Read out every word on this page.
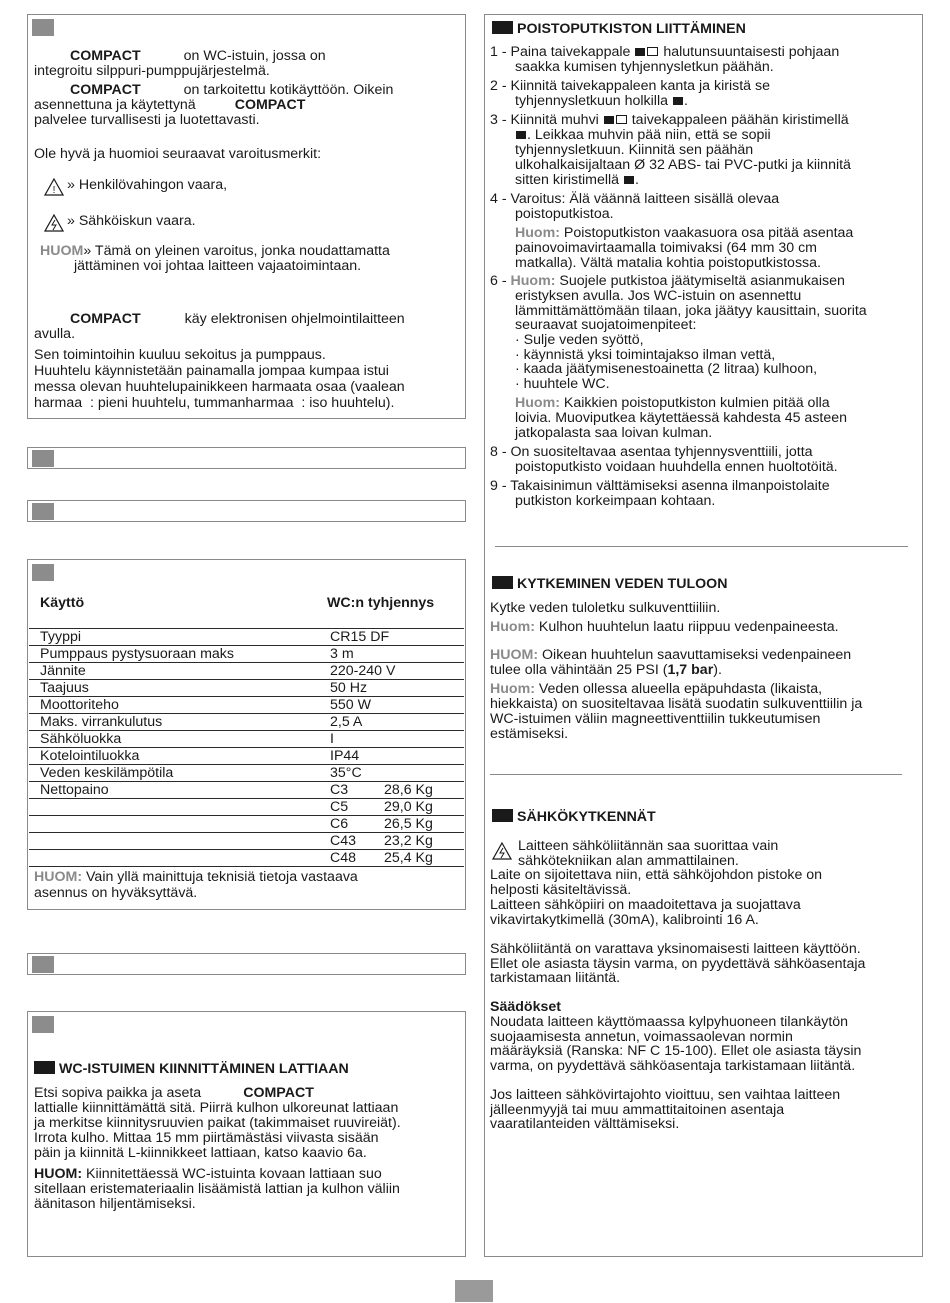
COMPACT	on WC-istuin, jossa on
integroitu silppuri-pumppujärjestelmä.
COMPACT	on tarkoitettu kotikäyttöön. Oikein
asennettuna ja käytettynä	COMPACT
palvelee turvallisesti ja luotettavasti.
Ole hyvä ja huomioi seuraavat varoitusmerkit:
! » Henkilövahingon vaara,
» Sähköiskun vaara.
HUOM» Tämä on yleinen varoitus, jonka noudattamatta
jättäminen voi johtaa laitteen vajaatoimintaan.
COMPACT	käy elektronisen ohjelmointilaitteen
avulla.
Sen toimintoihin kuuluu sekoitus ja pumppaus.
Huuhtelu käynnistetään painamalla jompaa kumpaa istui
messa olevan huuhtelupainikkeen harmaata osaa (vaalean
harmaa  : pieni huuhtelu, tummanharmaa  : iso huuhtelu).
Käyttö	WC:n tyhjennys
Tyyppi	CR15 DF	
Pumppaus pystysuoraan maks	3 m	
Jännite	220-240 V	
Taajuus	50 Hz	
Moottoriteho	550 W	
Maks. virrankulutus	2,5 A	
Sähköluokka	I	
Kotelointiluokka	IP44	
Veden keskilämpötila	35°C	
Nettopaino	C3	28,6 Kg
	C5	29,0 Kg
	C6	26,5 Kg
	C43	23,2 Kg
	C48	25,4 Kg
HUOM: Vain yllä mainittuja teknisiä tietoja vastaava
asennus on hyväksyttävä.
WC-ISTUIMEN KIINNITTÄMINEN LATTIAAN
Etsi sopiva paikka ja aseta	COMPACT
lattialle kiinnittämättä sitä. Piirrä kulhon ulkoreunat lattiaan
ja merkitse kiinnitysruuvien paikat (takimmaiset ruuvireiät).
Irrota kulho. Mittaa 15 mm piirtämästäsi viivasta sisään
päin ja kiinnitä L-kiinnikkeet lattiaan, katso kaavio 6a.
HUOM: Kiinnitettäessä WC-istuinta kovaan lattiaan suo
sitellaan eristemateriaalin lisäämistä lattian ja kulhon väliin
äänitason hiljentämiseksi.
POISTOPUTKISTON LIITTÄMINEN
1 - Paina taivekappale halutunsuuntaisesti pohjaan
saakka kumisen tyhjennysletkun päähän.
2 - Kiinnitä taivekappaleen kanta ja kiristä se
tyhjennysletkuun holkilla .
3 - Kiinnitä muhvi taivekappaleen päähän kiristimellä
. Leikkaa muhvin pää niin, että se sopii
tyhjennysletkuun. Kiinnitä sen päähän
ulkohalkaisijaltaan Ø 32 ABS- tai PVC-putki ja kiinnitä
sitten kiristimellä .
4 - Varoitus: Älä väännä laitteen sisällä olevaa
poistoputkistoa.
Huom: Poistoputkiston vaakasuora osa pitää asentaa
painovoimavirtaamalla toimivaksi (64 mm 30 cm
matkalla). Vältä matalia kohtia poistoputkistossa.
6 - Huom: Suojele putkistoa jäätymiseltä asianmukaisen
eristyksen avulla. Jos WC-istuin on asennettu
lämmittämättömään tilaan, joka jäätyy kausittain, suorita
seuraavat suojatoimenpiteet:
· Sulje veden syöttö,
· käynnistä yksi toimintajakso ilman vettä,
· kaada jäätymisenestoainetta (2 litraa) kulhoon,
· huuhtele WC.
Huom: Kaikkien poistoputkiston kulmien pitää olla
loivia. Muoviputkea käytettäessä kahdesta 45 asteen
jatkopalasta saa loivan kulman.
8 - On suositeltavaa asentaa tyhjennysventtiili, jotta
poistoputkisto voidaan huuhdella ennen huoltotöitä.
9 - Takaisinimun välttämiseksi asenna ilmanpoistolaite
putkiston korkeimpaan kohtaan.
KYTKEMINEN VEDEN TULOON
Kytke veden tuloletku sulkuventtiiliin.
Huom: Kulhon huuhtelun laatu riippuu vedenpaineesta.
HUOM: Oikean huuhtelun saavuttamiseksi vedenpaineen
tulee olla vähintään 25 PSI (1,7 bar).
Huom: Veden ollessa alueella epäpuhdasta (likaista,
hiekkaista) on suositeltavaa lisätä suodatin sulkuventtiilin ja
WC-istuimen väliin magneettiventtiilin tukkeutumisen
estämiseksi.
SÄHKÖKYTKENNÄT
Laitteen sähköliitännän saa suorittaa vain
sähkötekniikan alan ammattilainen.
Laite on sijoitettava niin, että sähköjohdon pistoke on
helposti käsiteltävissä.
Laitteen sähköpiiri on maadoitettava ja suojattava
vikavirtakytkimellä (30mA), kalibrointi 16 A.
Sähköliitäntä on varattava yksinomaisesti laitteen käyttöön.
Ellet ole asiasta täysin varma, on pyydettävä sähköasentaja
tarkistamaan liitäntä.
Säädökset
Noudata laitteen käyttömaassa kylpyhuoneen tilankäytön
suojaamisesta annetun, voimassaolevan normin
määräyksiä (Ranska: NF C 15-100). Ellet ole asiasta täysin
varma, on pyydettävä sähköasentaja tarkistamaan liitäntä.
Jos laitteen sähkövirtajohto vioittuu, sen vaihtaa laitteen
jälleenmyyjä tai muu ammattitaitoinen asentaja
vaaratilanteiden välttämiseksi.
